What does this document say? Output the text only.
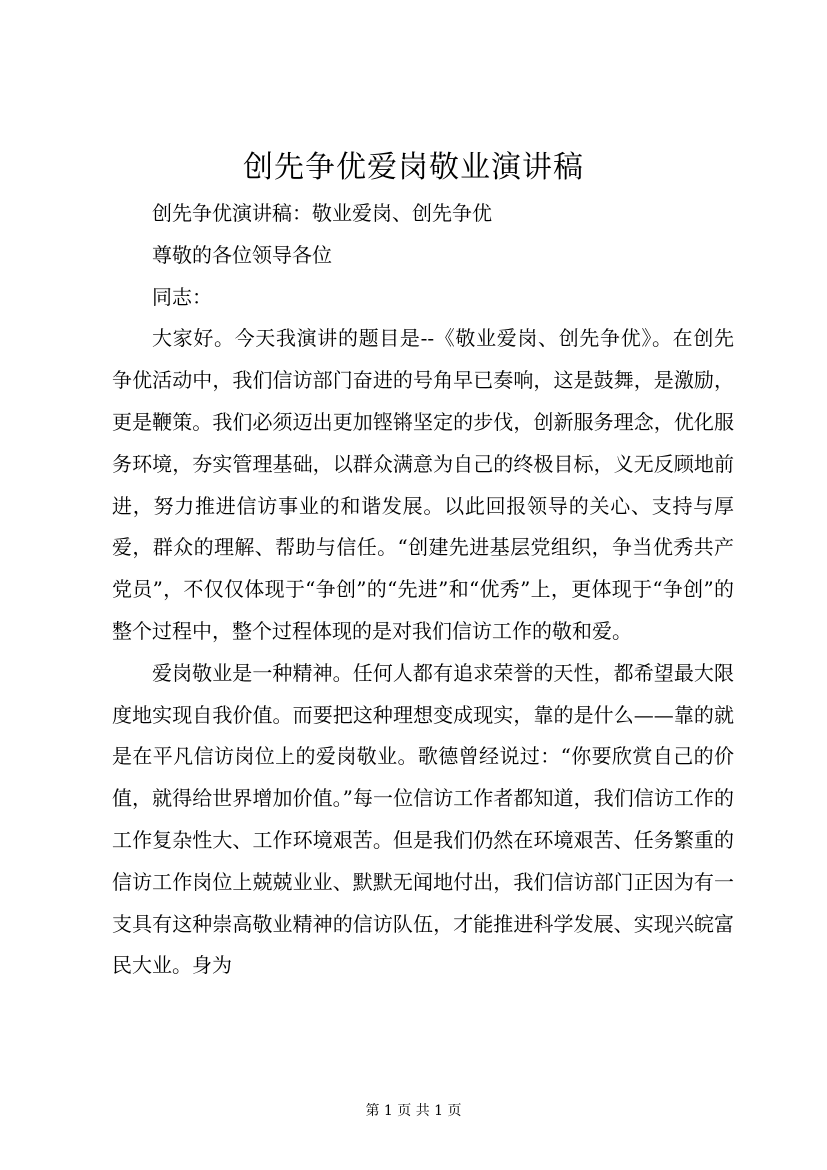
创先争优爱岗敬业演讲稿

创先争优演讲稿：敬业爱岗、创先争优

尊敬的各位领导各位

同志：

大家好。今天我演讲的题目是--《敬业爱岗、创先争优》。在创先争优活动中，我们信访部门奋进的号角早已奏响，这是鼓舞，是激励，更是鞭策。我们必须迈出更加铿锵坚定的步伐，创新服务理念，优化服务环境，夯实管理基础，以群众满意为自己的终极目标，义无反顾地前进，努力推进信访事业的和谐发展。以此回报领导的关心、支持与厚爱，群众的理解、帮助与信任。“创建先进基层党组织，争当优秀共产党员”，不仅仅体现于“争创”的“先进”和“优秀”上，更体现于“争创”的整个过程中，整个过程体现的是对我们信访工作的敬和爱。

爱岗敬业是一种精神。任何人都有追求荣誉的天性，都希望最大限度地实现自我价值。而要把这种理想变成现实，靠的是什么——靠的就是在平凡信访岗位上的爱岗敬业。歌德曾经说过：“你要欣赏自己的价值，就得给世界增加价值。”每一位信访工作者都知道，我们信访工作的工作复杂性大、工作环境艰苦。但是我们仍然在环境艰苦、任务繁重的信访工作岗位上兢兢业业、默默无闻地付出，我们信访部门正因为有一支具有这种崇高敬业精神的信访队伍，才能推进科学发展、实现兴皖富民大业。身为

第 1 页 共 1 页
